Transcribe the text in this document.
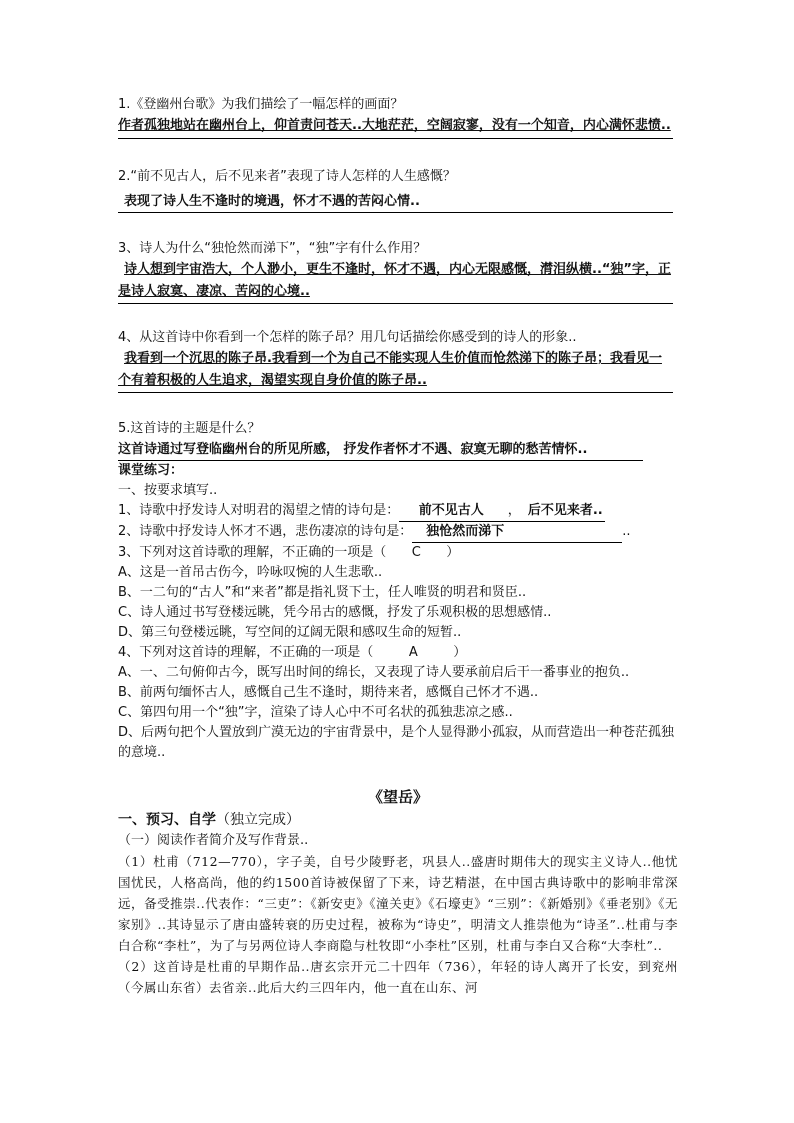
1.《登幽州台歌》为我们描绘了一幅怎样的画面？
作者孤独地站在幽州台上，仰首责问苍天..大地茫茫，空阔寂寥，没有一个知音，内心满怀悲愤..
2.“前不见古人，后不见来者”表现了诗人怎样的人生感慨？
表现了诗人生不逢时的境遇，怀才不遇的苦闷心情..
3、诗人为什么“独怆然而涕下”，“独”字有什么作用？
诗人想到宇宙浩大，个人渺小，更生不逢时，怀才不遇，内心无限感慨，潸泪纵横..“独”字，正是诗人寂寞、凄凉、苦闷的心境..
4、从这首诗中你看到一个怎样的陈子昂？用几句话描绘你感受到的诗人的形象..
我看到一个沉思的陈子昂.我看到一个为自己不能实现人生价值而怆然涕下的陈子昂；我看见一个有着积极的人生追求，渴望实现自身价值的陈子昂..
5.这首诗的主题是什么？
这首诗通过写登临幽州台的所见所感， 抒发作者怀才不遇、寂寞无聊的愁苦情怀..
课堂练习：
一、按要求填写..
1、诗歌中抒发诗人对明君的渴望之情的诗句是： 前不见古人 ， 后不见来者..
2、诗歌中抒发诗人怀才不遇，悲伤凄凉的诗句是： 独怆然而涕下	..
3、下列对这首诗歌的理解，不正确的一项是（ C ）
A、这是一首吊古伤今，吟咏叹惋的人生悲歌..
B、一二句的“古人”和“来者”都是指礼贤下士，任人唯贤的明君和贤臣..
C、诗人通过书写登楼远眺，凭今吊古的感慨，抒发了乐观积极的思想感情..
D、第三句登楼远眺，写空间的辽阔无限和感叹生命的短暂..
4、下列对这首诗的理解，不正确的一项是（	A	）
A、一、二句俯仰古今，既写出时间的绵长，又表现了诗人要承前启后干一番事业的抱负..
B、前两句缅怀古人，感慨自己生不逢时，期待来者，感慨自己怀才不遇..
C、第四句用一个“独”字，渲染了诗人心中不可名状的孤独悲凉之感..
D、后两句把个人置放到广漠无边的宇宙背景中，是个人显得渺小孤寂，从而营造出一种苍茫孤独的意境..
《望岳》
一、预习、自学（独立完成）
（一）阅读作者简介及写作背景..
（1）杜甫（712—770），字子美，自号少陵野老，巩县人..盛唐时期伟大的现实主义诗人..他忧国忧民，人格高尚，他的约1500首诗被保留了下来，诗艺精湛，在中国古典诗歌中的影响非常深远，备受推崇..代表作：“三吏”：《新安吏》《潼关吏》《石壕吏》“三别”：《新婚别》《垂老别》《无家别》..其诗显示了唐由盛转衰的历史过程，被称为“诗史”，明清文人推崇他为“诗圣”..杜甫与李白合称“李杜”，为了与另两位诗人李商隐与杜牧即“小李杜”区别，杜甫与李白又合称“大李杜”..
（2）这首诗是杜甫的早期作品..唐玄宗开元二十四年（736），年轻的诗人离开了长安，到兖州（今属山东省）去省亲..此后大约三四年内，他一直在山东、河
